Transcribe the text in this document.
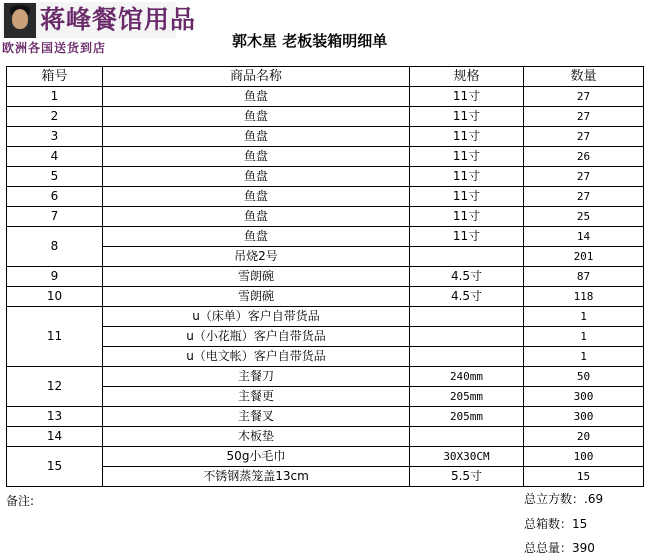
蒋峰餐馆用品
欧洲各国送货到店	郭木星 老板装箱明细单
箱号	商品名称	规格	数量
1	鱼盘	11寸	27
2	鱼盘	11寸	27
3	鱼盘	11寸	27
4	鱼盘	11寸	26
5	鱼盘	11寸	27
6	鱼盘	11寸	27
7	鱼盘	11寸	25
8	鱼盘	11寸	14
	吊烧2号		201
9	雪朗碗	4.5寸	87
10	雪朗碗	4.5寸	118
11	u（床单）客户自带货品		1
	u（小花瓶）客户自带货品		1
	u（电文帐）客户自带货品		1
12	主餐刀	240mm	50
	主餐更	205mm	300
13	主餐叉	205mm	300
14	木板垫		20
15	50g小毛巾	30X30CM	100
	不锈钢蒸笼盖13cm	5.5寸	15
备注:	总立方数：.69
总箱数：15
总总量：390
